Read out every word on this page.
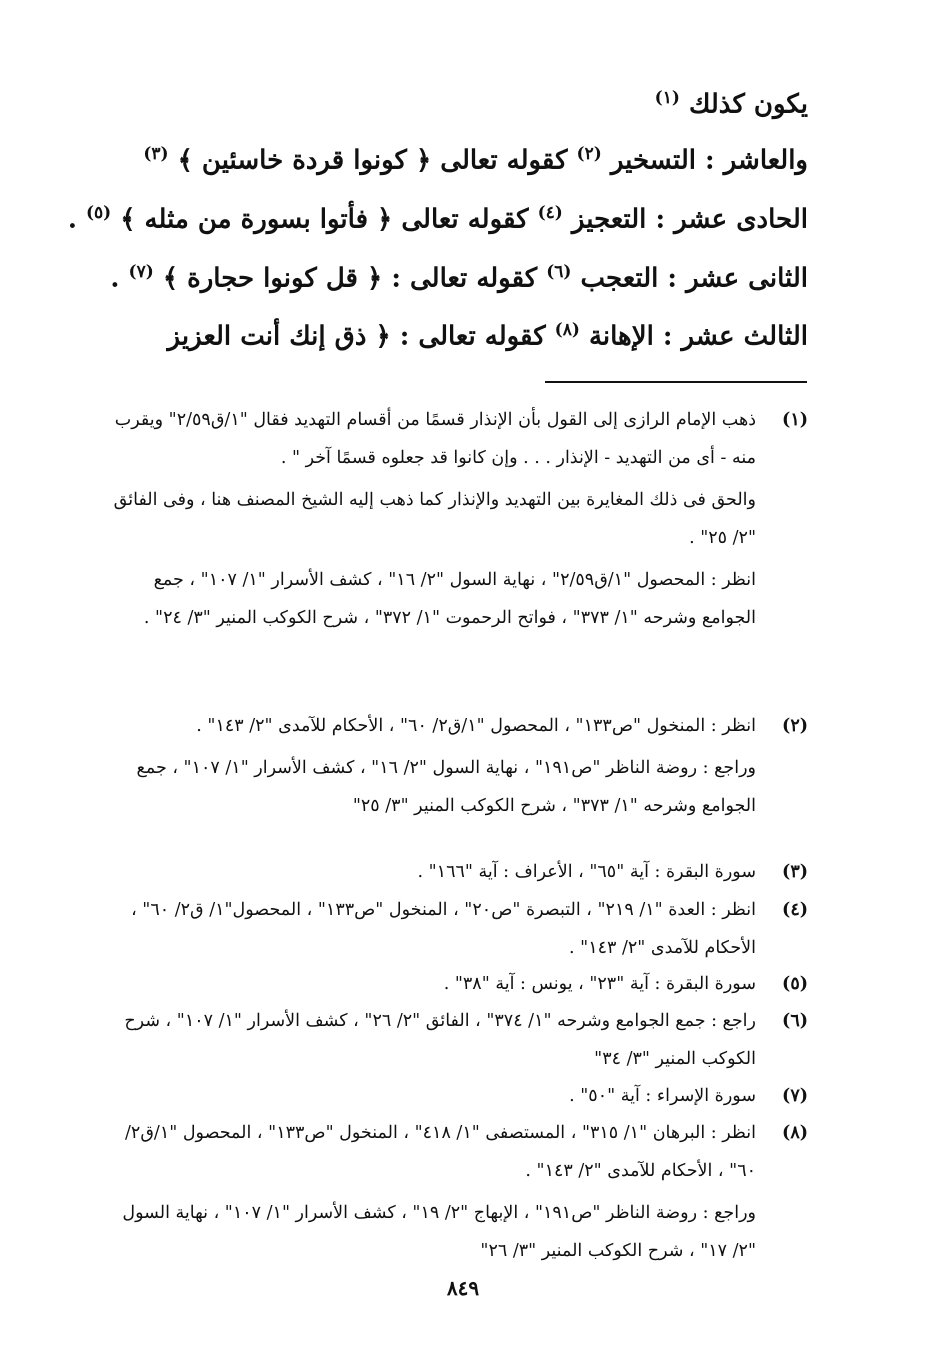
يكون كذلك $^{(١)}$
والعاشر : التسخير $^{(٢)}$ كقوله تعالى ﴿ كونوا قردة خاسئين ﴾ $^{(٣)}$
الحادى عشر : التعجيز $^{(٤)}$ كقوله تعالى ﴿ فأتوا بسورة من مثله ﴾ $^{(٥)}$ .
الثانى عشر : التعجب $^{(٦)}$ كقوله تعالى : ﴿ قل كونوا حجارة ﴾ $^{(٧)}$ .
الثالث عشر : الإهانة $^{(٨)}$ كقوله تعالى : ﴿ ذق إنك أنت العزيز
(١)

ذهب الإمام الرازى إلى القول بأن الإنذار قسمًا من أقسام التهديد فقال "١/ق٢/٥٩" ويقرب منه - أى من التهديد - الإنذار . . . وإن كانوا قد جعلوه قسمًا آخر " .

والحق فى ذلك المغايرة بين التهديد والإنذار كما ذهب إليه الشيخ المصنف هنا ، وفى الفائق "٢/ ٢٥" .

انظر : المحصول "١/ق٢/٥٩" ، نهاية السول "٢/ ١٦" ، كشف الأسرار "١/ ١٠٧" ، جمع الجوامع وشرحه "١/ ٣٧٣" ، فواتح الرحموت "١/ ٣٧٢" ، شرح الكوكب المنير "٣/ ٢٤" .

(٢)

انظر : المنخول "ص١٣٣" ، المحصول "١/ق٢/ ٦٠" ، الأحكام للآمدى "٢/ ١٤٣" .

وراجع : روضة الناظر "ص١٩١" ، نهاية السول "٢/ ١٦" ، كشف الأسرار "١/ ١٠٧" ، جمع الجوامع وشرحه "١/ ٣٧٣" ، شرح الكوكب المنير "٣/ ٢٥"

(٣)

سورة البقرة : آية "٦٥" ، الأعراف : آية "١٦٦" .

(٤)

انظر : العدة "١/ ٢١٩" ، التبصرة "ص٢٠" ، المنخول "ص١٣٣" ، المحصول"١/ ق٢/ ٦٠" ، الأحكام للآمدى "٢/ ١٤٣" .

(٥)

سورة البقرة : آية "٢٣" ، يونس : آية "٣٨" .

(٦)

راجع : جمع الجوامع وشرحه "١/ ٣٧٤" ، الفائق "٢/ ٢٦" ، كشف الأسرار "١/ ١٠٧" ، شرح الكوكب المنير "٣/ ٣٤"

(٧)

سورة الإسراء : آية "٥٠" .

(٨)

انظر : البرهان "١/ ٣١٥" ، المستصفى "١/ ٤١٨" ، المنخول "ص١٣٣" ، المحصول "١/ق٢/ ٦٠" ، الأحكام للآمدى "٢/ ١٤٣" .

وراجع : روضة الناظر "ص١٩١" ، الإبهاج "٢/ ١٩" ، كشف الأسرار "١/ ١٠٧" ، نهاية السول "٢/ ١٧" ، شرح الكوكب المنير "٣/ ٢٦"

٨٤٩
